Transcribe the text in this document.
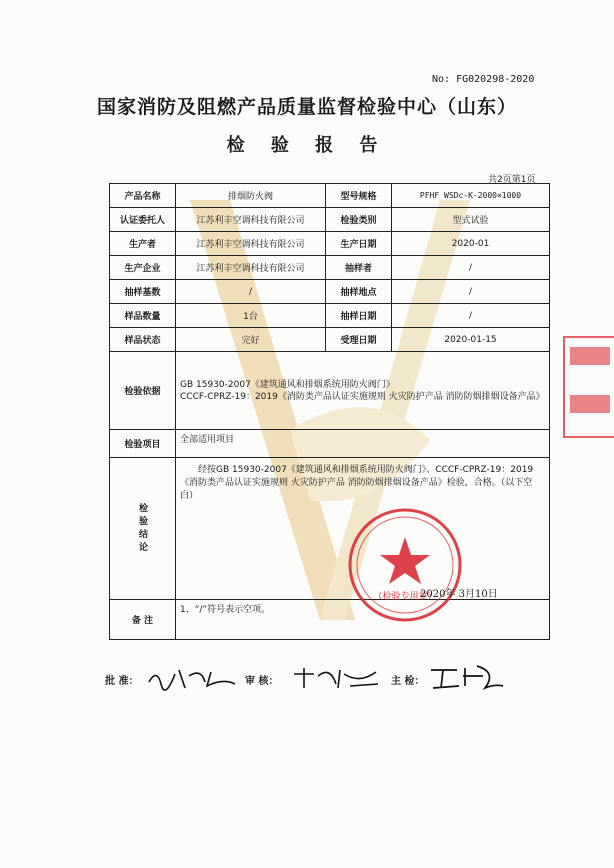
No: FG020298-2020
国家消防及阻燃产品质量监督检验中心（山东）
检 验 报 告
共2页第1页
产品名称	排烟防火阀	型号规格	PFHF WSDc-K-2000×1000
认证委托人	江苏利丰空调科技有限公司	检验类别	型式试验
生产者	江苏利丰空调科技有限公司	生产日期	2020-01
生产企业	江苏利丰空调科技有限公司	抽样者	/
抽样基数	/	抽样地点	/
样品数量	1台	抽样日期	/
样品状态	完好	受理日期	2020-01-15
检验依据	GB 15930-2007《建筑通风和排烟系统用防火阀门》
CCCF-CPRZ-19：2019《消防类产品认证实施规则 火灾防护产品 消防防烟排烟设备产品》		

检验项目	全部适用项目		

检验结论	经按GB 15930-2007《建筑通风和排烟系统用防火阀门》、CCCF-CPRZ-19：2019《消防类产品认证实施规则 火灾防护产品 消防防烟排烟设备产品》检验，合格。（以下空白）		

备 注	1、“/”符号表示空项。		
（检验专用章）
2020年 3月10日
批 准：	审 核：	主 检：
